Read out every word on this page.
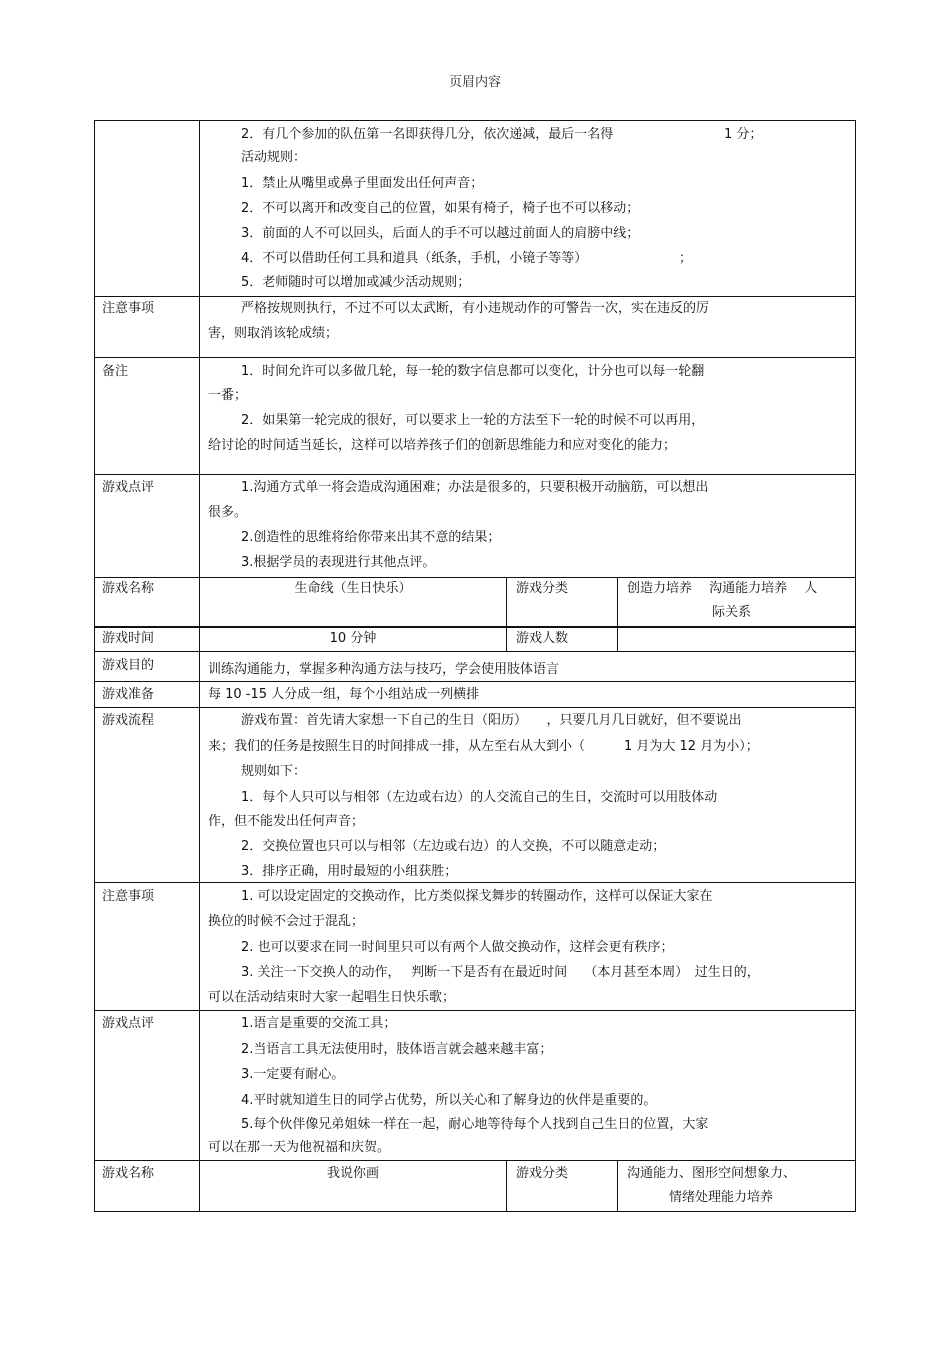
页眉内容
2．有几个参加的队伍第一名即获得几分，依次递减，最后一名得	1 分；
活动规则：
1．禁止从嘴里或鼻子里面发出任何声音；
2．不可以离开和改变自己的位置，如果有椅子，椅子也不可以移动；
3．前面的人不可以回头，后面人的手不可以越过前面人的肩膀中线；
4．不可以借助任何工具和道具（纸条，手机，小镜子等等）	；
5．老师随时可以增加或减少活动规则；
注意事项	严格按规则执行，不过不可以太武断，有小违规动作的可警告一次，实在违反的厉
害，则取消该轮成绩；
备注	1．时间允许可以多做几轮，每一轮的数字信息都可以变化，计分也可以每一轮翻
一番；
2．如果第一轮完成的很好，可以要求上一轮的方法至下一轮的时候不可以再用，
给讨论的时间适当延长，这样可以培养孩子们的创新思维能力和应对变化的能力；
游戏点评	1.沟通方式单一将会造成沟通困难；办法是很多的，只要积极开动脑筋，可以想出
很多。
2.创造性的思维将给你带来出其不意的结果；
3.根据学员的表现进行其他点评。
游戏名称	生命线（生日快乐）	游戏分类	创造力培养　 沟通能力培养　 人
际关系
游戏时间	10 分钟	游戏人数
游戏目的	训练沟通能力，掌握多种沟通方法与技巧，学会使用肢体语言
游戏准备	每 10 -15 人分成一组，每个小组站成一列横排
游戏流程	游戏布置：首先请大家想一下自己的生日（阳历）　　，只要几月几日就好，但不要说出
来；我们的任务是按照生日的时间排成一排，从左至右从大到小（　　　1 月为大 12 月为小）；
规则如下：
1．每个人只可以与相邻（左边或右边）的人交流自己的生日，交流时可以用肢体动
作，但不能发出任何声音；
2．交换位置也只可以与相邻（左边或右边）的人交换，不可以随意走动；
3．排序正确，用时最短的小组获胜；
注意事项	1. 可以设定固定的交换动作，比方类似探戈舞步的转圈动作，这样可以保证大家在
换位的时候不会过于混乱；
2. 也可以要求在同一时间里只可以有两个人做交换动作，这样会更有秩序；
3. 关注一下交换人的动作，　 判断一下是否有在最近时间　 （本月甚至本周）　过生日的，
可以在活动结束时大家一起唱生日快乐歌；
游戏点评	1.语言是重要的交流工具；
2.当语言工具无法使用时，肢体语言就会越来越丰富；
3.一定要有耐心。
4.平时就知道生日的同学占优势，所以关心和了解身边的伙伴是重要的。
5.每个伙伴像兄弟姐妹一样在一起，耐心地等待每个人找到自己生日的位置，大家
可以在那一天为他祝福和庆贺。
游戏名称	我说你画	游戏分类	沟通能力、图形空间想象力、
情绪处理能力培养
